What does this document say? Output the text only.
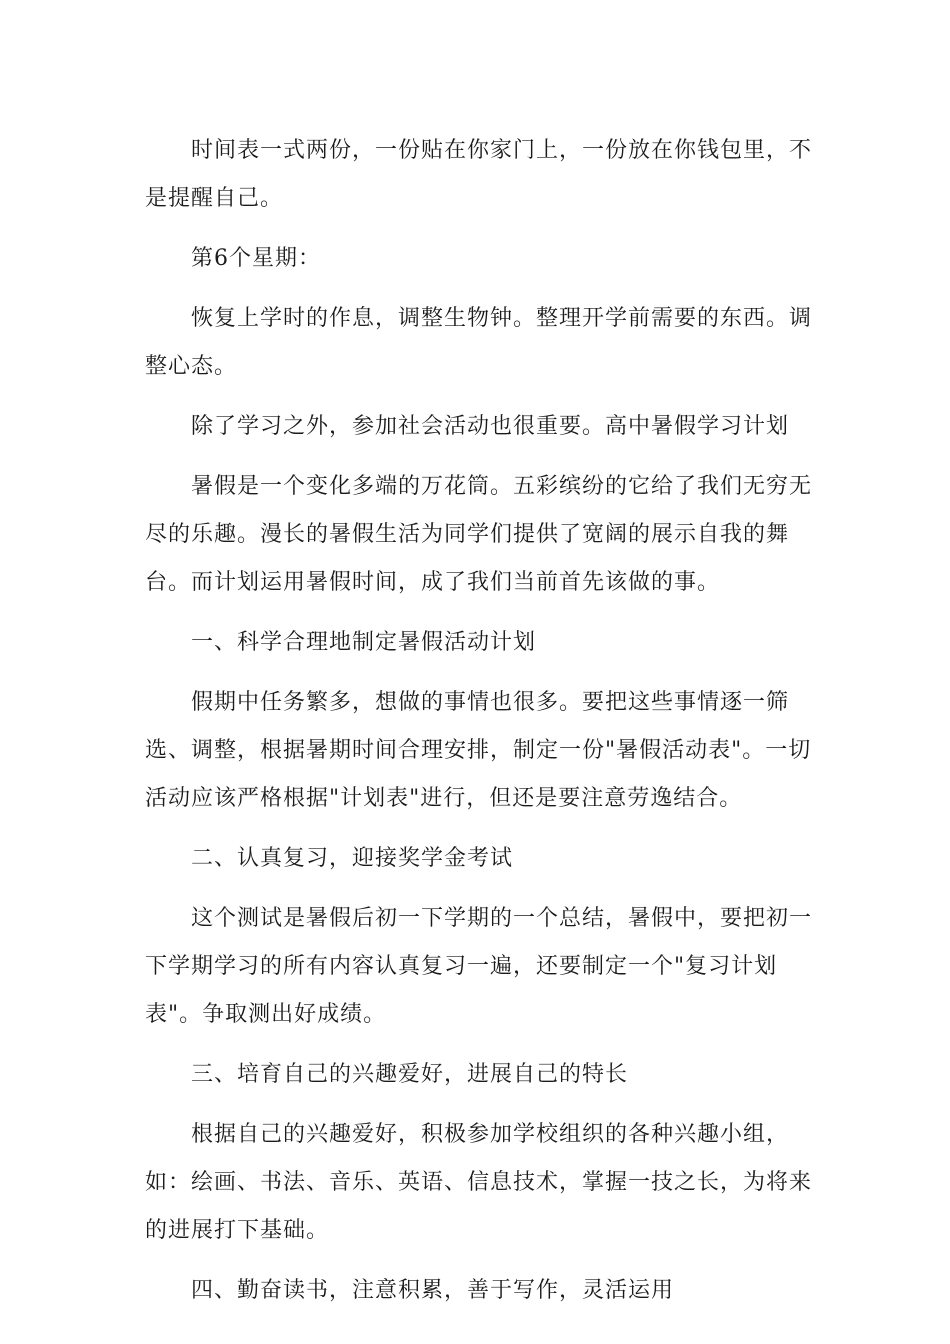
时间表一式两份，一份贴在你家门上，一份放在你钱包里，不是提醒自己。

第6个星期：

恢复上学时的作息，调整生物钟。整理开学前需要的东西。调整心态。

除了学习之外，参加社会活动也很重要。高中暑假学习计划

暑假是一个变化多端的万花筒。五彩缤纷的它给了我们无穷无尽的乐趣。漫长的暑假生活为同学们提供了宽阔的展示自我的舞台。而计划运用暑假时间，成了我们当前首先该做的事。

一、科学合理地制定暑假活动计划

假期中任务繁多，想做的事情也很多。要把这些事情逐一筛选、调整，根据暑期时间合理安排，制定一份"暑假活动表"。一切活动应该严格根据"计划表"进行，但还是要注意劳逸结合。

二、认真复习，迎接奖学金考试

这个测试是暑假后初一下学期的一个总结，暑假中，要把初一下学期学习的所有内容认真复习一遍，还要制定一个"复习计划表"。争取测出好成绩。

三、培育自己的兴趣爱好，进展自己的特长

根据自己的兴趣爱好，积极参加学校组织的各种兴趣小组，如：绘画、书法、音乐、英语、信息技术，掌握一技之长，为将来的进展打下基础。

四、勤奋读书，注意积累，善于写作，灵活运用
